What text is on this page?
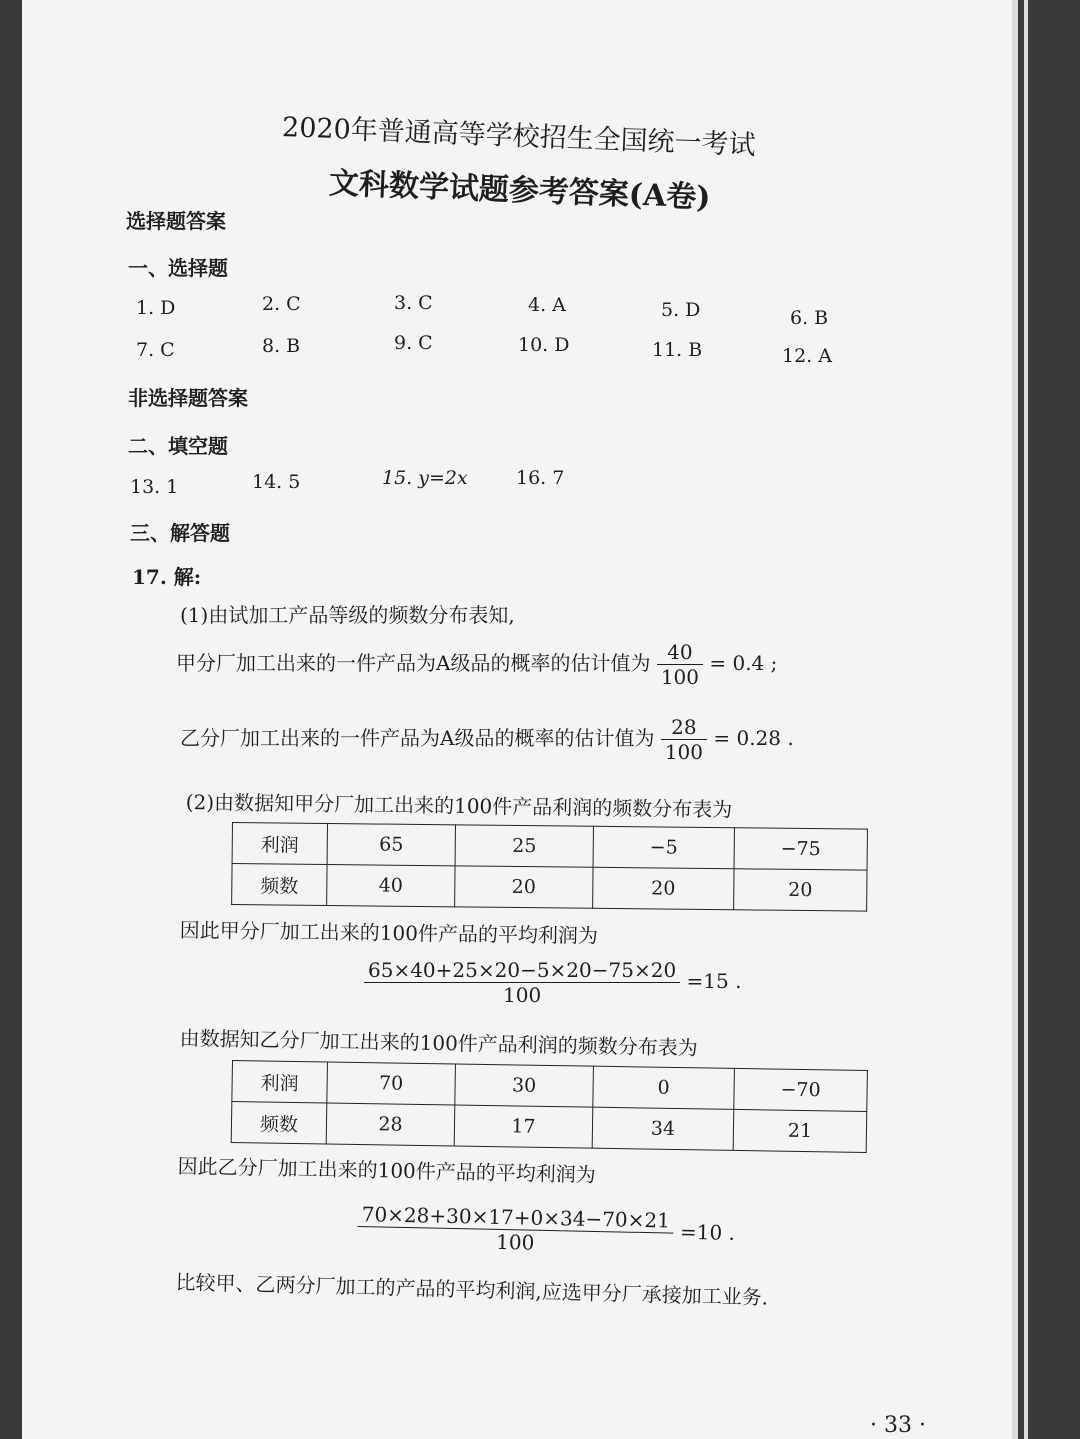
2020年普通高等学校招生全国统一考试
文科数学试题参考答案(A卷)
选择题答案
一、选择题
1. D	2. C	3. C	4. A	5. D	6. B
7. C	8. B	9. C	10. D	11. B	12. A
非选择题答案
二、填空题
13. 1	14. 5	15. y=2x	16. 7
三、解答题
17. 解:
(1)由试加工产品等级的频数分布表知,
甲分厂加工出来的一件产品为A级品的概率的估计值为 $\frac{40}{100} = 0.4$ ;
乙分厂加工出来的一件产品为A级品的概率的估计值为 $\frac{28}{100} = 0.28$ .
(2)由数据知甲分厂加工出来的100件产品利润的频数分布表为
利润	65	25	−5	−75
频数	40	20	20	20
因此甲分厂加工出来的100件产品的平均利润为
$\frac{65\times 40+25\times 20-5\times 20-75\times 20}{100} =15$ .
由数据知乙分厂加工出来的100件产品利润的频数分布表为
利润	70	30	0	−70
频数	28	17	34	21
因此乙分厂加工出来的100件产品的平均利润为
$\frac{70\times 28+30\times 17+0\times 34-70\times 21}{100} =10$ .
比较甲、乙两分厂加工的产品的平均利润,应选甲分厂承接加工业务.
· 33 ·
